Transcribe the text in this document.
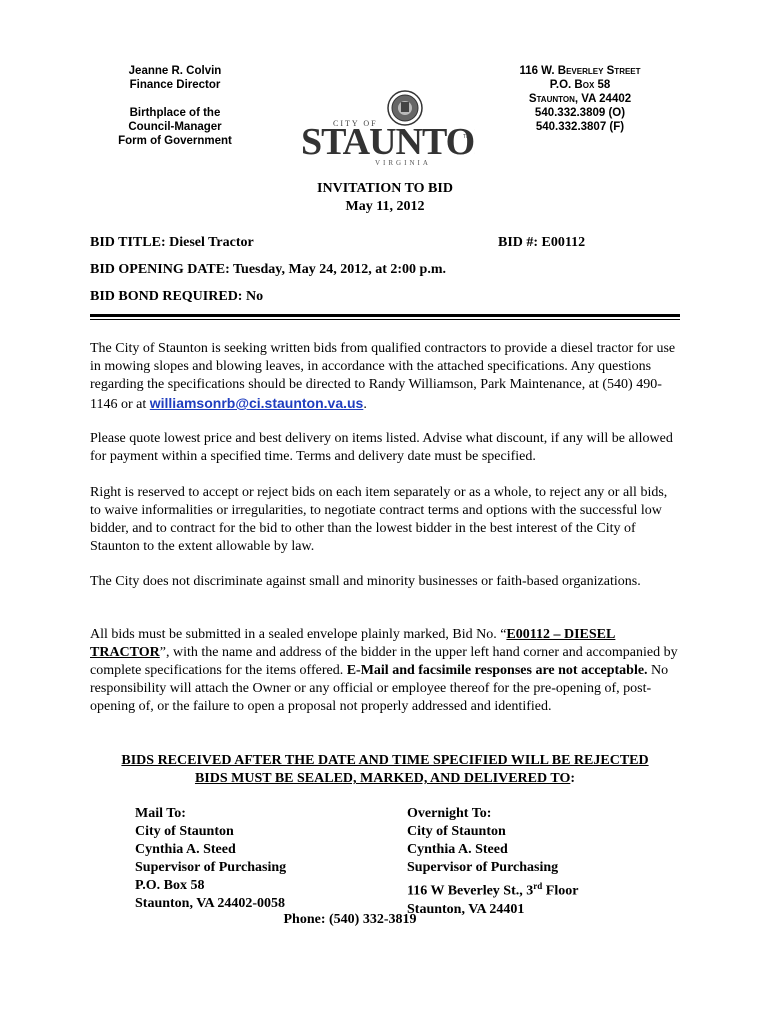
Jeanne R. Colvin
Finance Director
Birthplace of the
Council-Manager
Form of Government
116 W. Beverley Street
P.O. Box 58
Staunton, VA 24402
540.332.3809 (O)
540.332.3807 (F)
CITY OF
STAUNTO
TM
VIRGINIA
INVITATION TO BID
May 11, 2012
BID TITLE: Diesel Tractor	BID #: E00112
BID OPENING DATE: Tuesday, May 24, 2012, at 2:00 p.m.
BID BOND REQUIRED: No
The City of Staunton is seeking written bids from qualified contractors to provide a diesel tractor for use in mowing slopes and blowing leaves, in accordance with the attached specifications. Any questions regarding the specifications should be directed to Randy Williamson, Park Maintenance, at (540) 490-1146 or at williamsonrb@ci.staunton.va.us.
Please quote lowest price and best delivery on items listed. Advise what discount, if any will be allowed for payment within a specified time. Terms and delivery date must be specified.
Right is reserved to accept or reject bids on each item separately or as a whole, to reject any or all bids, to waive informalities or irregularities, to negotiate contract terms and options with the successful low bidder, and to contract for the bid to other than the lowest bidder in the best interest of the City of Staunton to the extent allowable by law.
The City does not discriminate against small and minority businesses or faith-based organizations.
All bids must be submitted in a sealed envelope plainly marked, Bid No. “E00112 – DIESEL TRACTOR”, with the name and address of the bidder in the upper left hand corner and accompanied by complete specifications for the items offered. E-Mail and facsimile responses are not acceptable. No responsibility will attach the Owner or any official or employee thereof for the pre-opening of, post-opening of, or the failure to open a proposal not properly addressed and identified.
BIDS RECEIVED AFTER THE DATE AND TIME SPECIFIED WILL BE REJECTED
BIDS MUST BE SEALED, MARKED, AND DELIVERED TO:
Mail To:
City of Staunton
Cynthia A. Steed
Supervisor of Purchasing
P.O. Box 58
Staunton, VA 24402-0058
Overnight To:
City of Staunton
Cynthia A. Steed
Supervisor of Purchasing
116 W Beverley St., 3rd Floor
Staunton, VA 24401
Phone: (540) 332-3819
